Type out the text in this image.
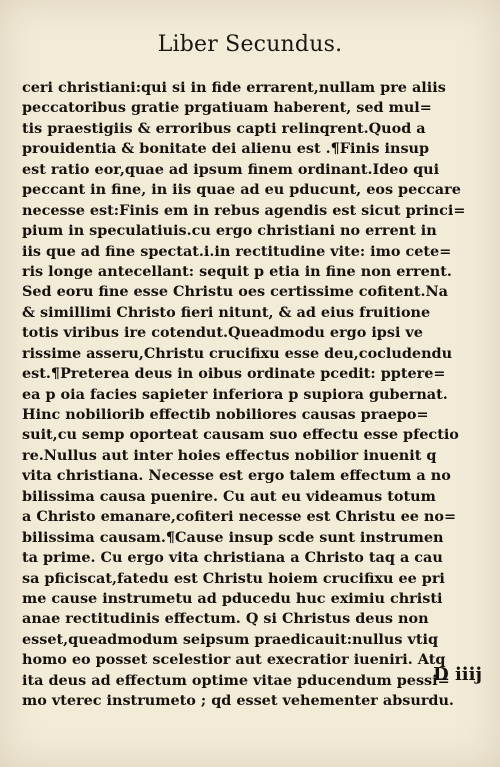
Liber Secundus.
ceri christiani:qui si in fide errarent,nullam pre aliis
peccatoribus gratie prgatiuam haberent, sed mul=
tis praestigiis & erroribus capti relinqrent.Quod a
prouidentia & bonitate dei alienu est .¶Finis insup
est ratio eor,quae ad ipsum finem ordinant.Ideo qui
peccant in fine, in iis quae ad eu pducunt, eos peccare
necesse est:Finis em in rebus agendis est sicut princi=
pium in speculatiuis.cu ergo christiani no errent in
iis que ad fine spectat.i.in rectitudine vite: imo cete=
ris longe antecellant: sequit p etia in fine non errent.
Sed eoru fine esse Christu oes certissime cofitent.Na
& simillimi Christo fieri nitunt, & ad eius fruitione
totis viribus ire cotendut.Queadmodu ergo ipsi ve
rissime asseru,Christu crucifixu esse deu,cocludendu
est.¶Preterea deus in oibus ordinate pcedit: pptere=
ea p oia facies sapieter inferiora p supiora gubernat.
Hinc nobiliorib effectib nobiliores causas praepo=
suit,cu semp oporteat causam suo effectu esse pfectio
re.Nullus aut inter hoies effectus nobilior inuenit q
vita christiana. Necesse est ergo talem effectum a no
bilissima causa puenire. Cu aut eu videamus totum
a Christo emanare,cofiteri necesse est Christu ee no=
bilissima causam.¶Cause insup scde sunt instrumen
ta prime. Cu ergo vita christiana a Christo taq a cau
sa pficiscat,fatedu est Christu hoiem crucifixu ee pri
me cause instrumetu ad pducedu huc eximiu christi
anae rectitudinis effectum. Q si Christus deus non
esset,queadmodum seipsum praedicauit:nullus vtiq
homo eo posset scelestior aut execratior iueniri. Atq
ita deus ad effectum optime vitae pducendum pessi=
mo vterec instrumeto ; qd esset vehementer absurdu.
D iiij
